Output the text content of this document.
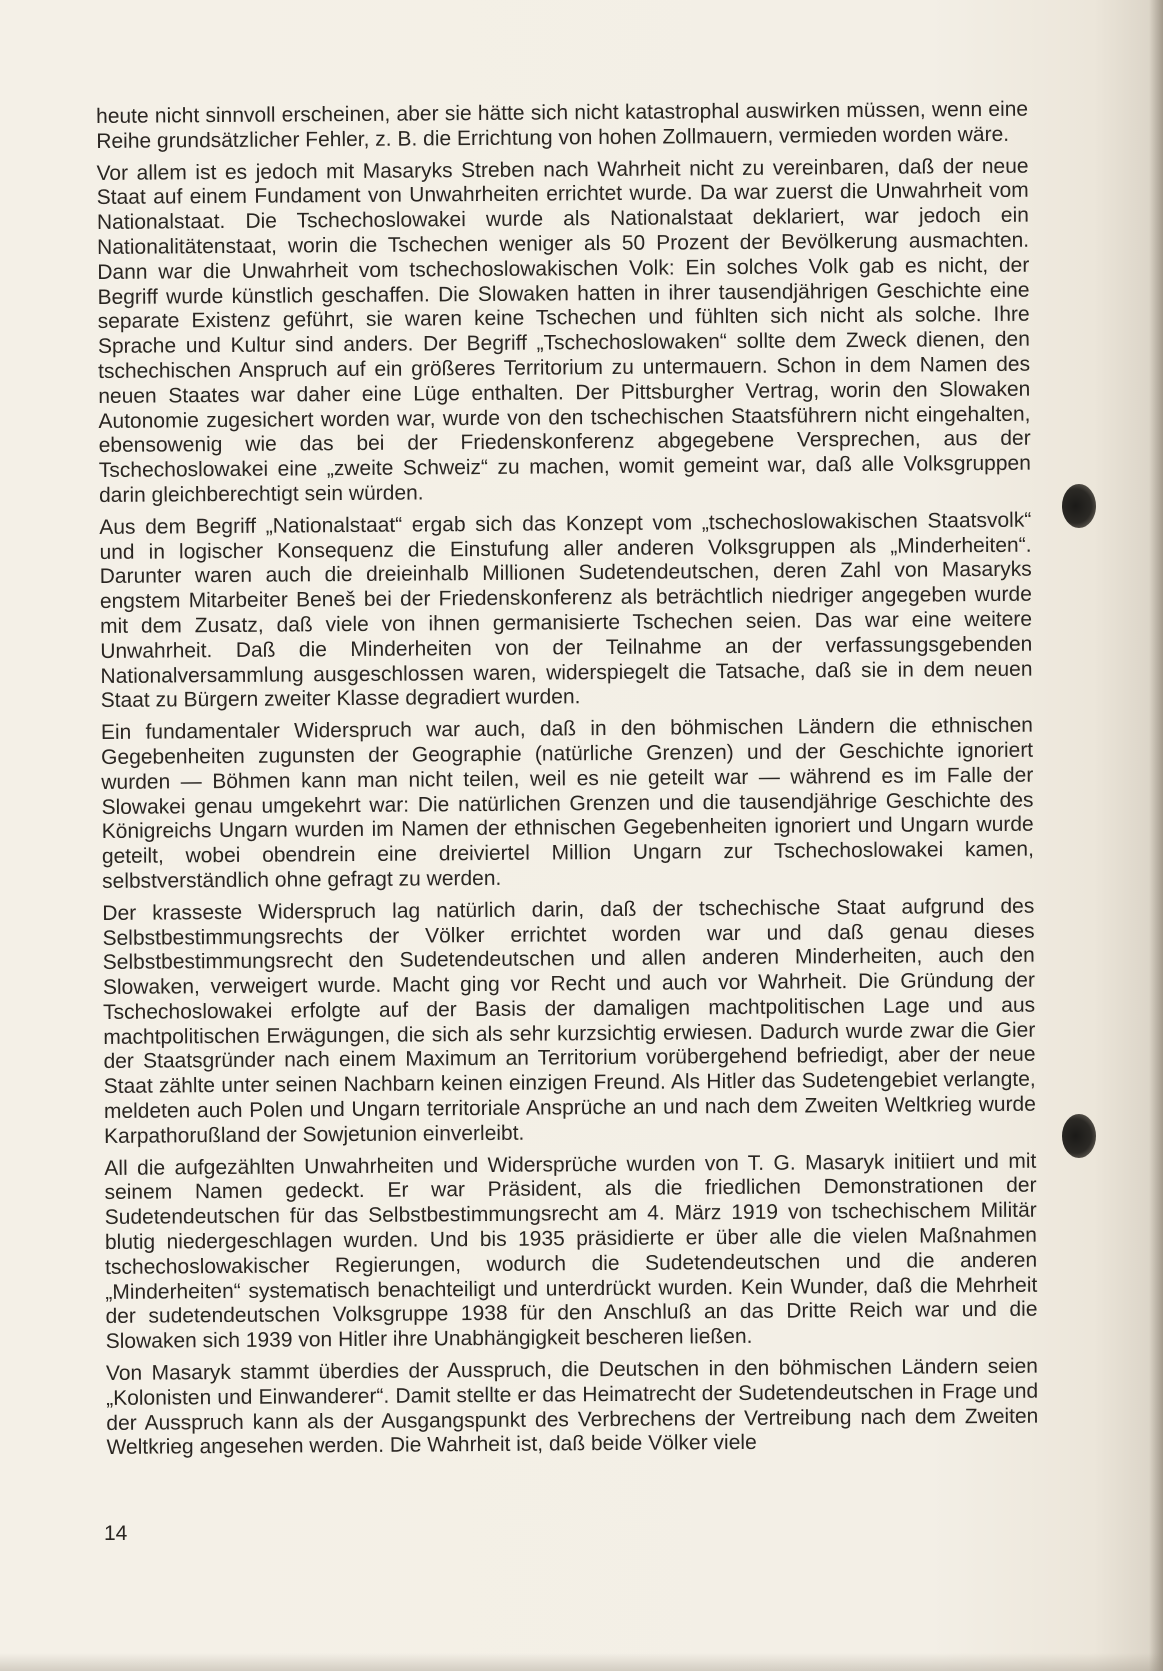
heute nicht sinnvoll erscheinen, aber sie hätte sich nicht katastrophal auswirken müssen, wenn eine Reihe grundsätzlicher Fehler, z. B. die Errichtung von hohen Zollmauern, vermieden worden wäre.

Vor allem ist es jedoch mit Masaryks Streben nach Wahrheit nicht zu vereinbaren, daß der neue Staat auf einem Fundament von Unwahrheiten errichtet wurde. Da war zuerst die Unwahrheit vom Nationalstaat. Die Tschechoslowakei wurde als Nationalstaat deklariert, war jedoch ein Nationalitätenstaat, worin die Tschechen weniger als 50 Prozent der Bevölkerung ausmachten. Dann war die Unwahrheit vom tschechoslowakischen Volk: Ein solches Volk gab es nicht, der Begriff wurde künstlich geschaffen. Die Slowaken hatten in ihrer tausendjährigen Geschichte eine separate Existenz geführt, sie waren keine Tschechen und fühlten sich nicht als solche. Ihre Sprache und Kultur sind anders. Der Begriff „Tschechoslowaken“ sollte dem Zweck dienen, den tschechischen Anspruch auf ein größeres Territorium zu untermauern. Schon in dem Namen des neuen Staates war daher eine Lüge enthalten. Der Pittsburgher Vertrag, worin den Slowaken Autonomie zugesichert worden war, wurde von den tschechischen Staatsführern nicht eingehalten, ebensowenig wie das bei der Friedenskonferenz abgegebene Versprechen, aus der Tschechoslowakei eine „zweite Schweiz“ zu machen, womit gemeint war, daß alle Volksgruppen darin gleichberechtigt sein würden.

Aus dem Begriff „Nationalstaat“ ergab sich das Konzept vom „tschechoslowakischen Staatsvolk“ und in logischer Konsequenz die Einstufung aller anderen Volksgruppen als „Minderheiten“. Darunter waren auch die dreieinhalb Millionen Sudetendeutschen, deren Zahl von Masaryks engstem Mitarbeiter Beneš bei der Friedenskonferenz als beträchtlich niedriger angegeben wurde mit dem Zusatz, daß viele von ihnen germanisierte Tschechen seien. Das war eine weitere Unwahrheit. Daß die Minderheiten von der Teilnahme an der verfassungsgebenden Nationalversammlung ausgeschlossen waren, widerspiegelt die Tatsache, daß sie in dem neuen Staat zu Bürgern zweiter Klasse degradiert wurden.

Ein fundamentaler Widerspruch war auch, daß in den böhmischen Ländern die ethnischen Gegebenheiten zugunsten der Geographie (natürliche Grenzen) und der Geschichte ignoriert wurden — Böhmen kann man nicht teilen, weil es nie geteilt war — während es im Falle der Slowakei genau umgekehrt war: Die natürlichen Grenzen und die tausendjährige Geschichte des Königreichs Ungarn wurden im Namen der ethnischen Gegebenheiten ignoriert und Ungarn wurde geteilt, wobei obendrein eine dreiviertel Million Ungarn zur Tschechoslowakei kamen, selbstverständlich ohne gefragt zu werden.

Der krasseste Widerspruch lag natürlich darin, daß der tschechische Staat aufgrund des Selbstbestimmungsrechts der Völker errichtet worden war und daß genau dieses Selbstbestimmungsrecht den Sudetendeutschen und allen anderen Minderheiten, auch den Slowaken, verweigert wurde. Macht ging vor Recht und auch vor Wahrheit. Die Gründung der Tschechoslowakei erfolgte auf der Basis der damaligen machtpolitischen Lage und aus machtpolitischen Erwägungen, die sich als sehr kurzsichtig erwiesen. Dadurch wurde zwar die Gier der Staatsgründer nach einem Maximum an Territorium vorübergehend befriedigt, aber der neue Staat zählte unter seinen Nachbarn keinen einzigen Freund. Als Hitler das Sudetengebiet verlangte, meldeten auch Polen und Ungarn territoriale Ansprüche an und nach dem Zweiten Weltkrieg wurde Karpathorußland der Sowjetunion einverleibt.

All die aufgezählten Unwahrheiten und Widersprüche wurden von T. G. Masaryk initiiert und mit seinem Namen gedeckt. Er war Präsident, als die friedlichen Demonstrationen der Sudetendeutschen für das Selbstbestimmungsrecht am 4. März 1919 von tschechischem Militär blutig niedergeschlagen wurden. Und bis 1935 präsidierte er über alle die vielen Maßnahmen tschechoslowakischer Regierungen, wodurch die Sudetendeutschen und die anderen „Minderheiten“ systematisch benachteiligt und unterdrückt wurden. Kein Wunder, daß die Mehrheit der sudetendeutschen Volksgruppe 1938 für den Anschluß an das Dritte Reich war und die Slowaken sich 1939 von Hitler ihre Unabhängigkeit bescheren ließen.

Von Masaryk stammt überdies der Ausspruch, die Deutschen in den böhmischen Ländern seien „Kolonisten und Einwanderer“. Damit stellte er das Heimatrecht der Sudetendeutschen in Frage und der Ausspruch kann als der Ausgangspunkt des Verbrechens der Vertreibung nach dem Zweiten Weltkrieg angesehen werden. Die Wahrheit ist, daß beide Völker viele

14
